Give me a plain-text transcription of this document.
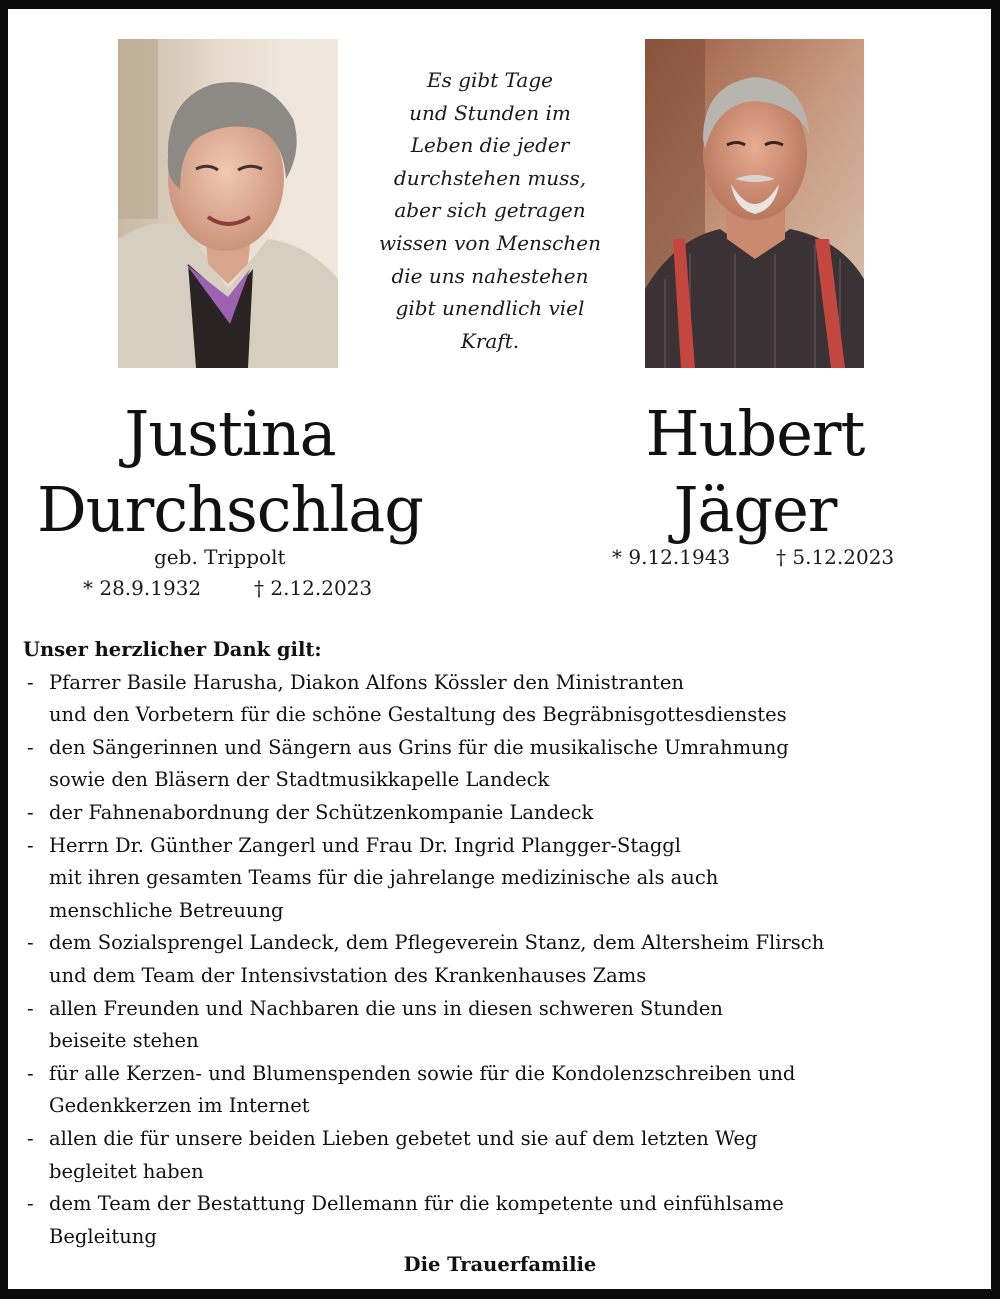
Es gibt Tage
und Stunden im
Leben die jeder
durchstehen muss,
aber sich getragen
wissen von Menschen
die uns nahestehen
gibt unendlich viel
Kraft.
Justina
Durchschlag
Hubert
Jäger
geb. Trippolt
* 28.9.1932	† 2.12.2023
* 9.12.1943 † 5.12.2023
Unser herzlicher Dank gilt:
- Pfarrer Basile Harusha, Diakon Alfons Kössler den Ministranten
und den Vorbetern für die schöne Gestaltung des Begräbnisgottesdienstes
- den Sängerinnen und Sängern aus Grins für die musikalische Umrahmung
sowie den Bläsern der Stadtmusikkapelle Landeck
- der Fahnenabordnung der Schützenkompanie Landeck
- Herrn Dr. Günther Zangerl und Frau Dr. Ingrid Plangger-Staggl
mit ihren gesamten Teams für die jahrelange medizinische als auch
menschliche Betreuung
- dem Sozialsprengel Landeck, dem Pflegeverein Stanz, dem Altersheim Flirsch
und dem Team der Intensivstation des Krankenhauses Zams
- allen Freunden und Nachbaren die uns in diesen schweren Stunden
beiseite stehen
- für alle Kerzen- und Blumenspenden sowie für die Kondolenzschreiben und
Gedenkkerzen im Internet
- allen die für unsere beiden Lieben gebetet und sie auf dem letzten Weg
begleitet haben
- dem Team der Bestattung Dellemann für die kompetente und einfühlsame
Begleitung
Die Trauerfamilie
